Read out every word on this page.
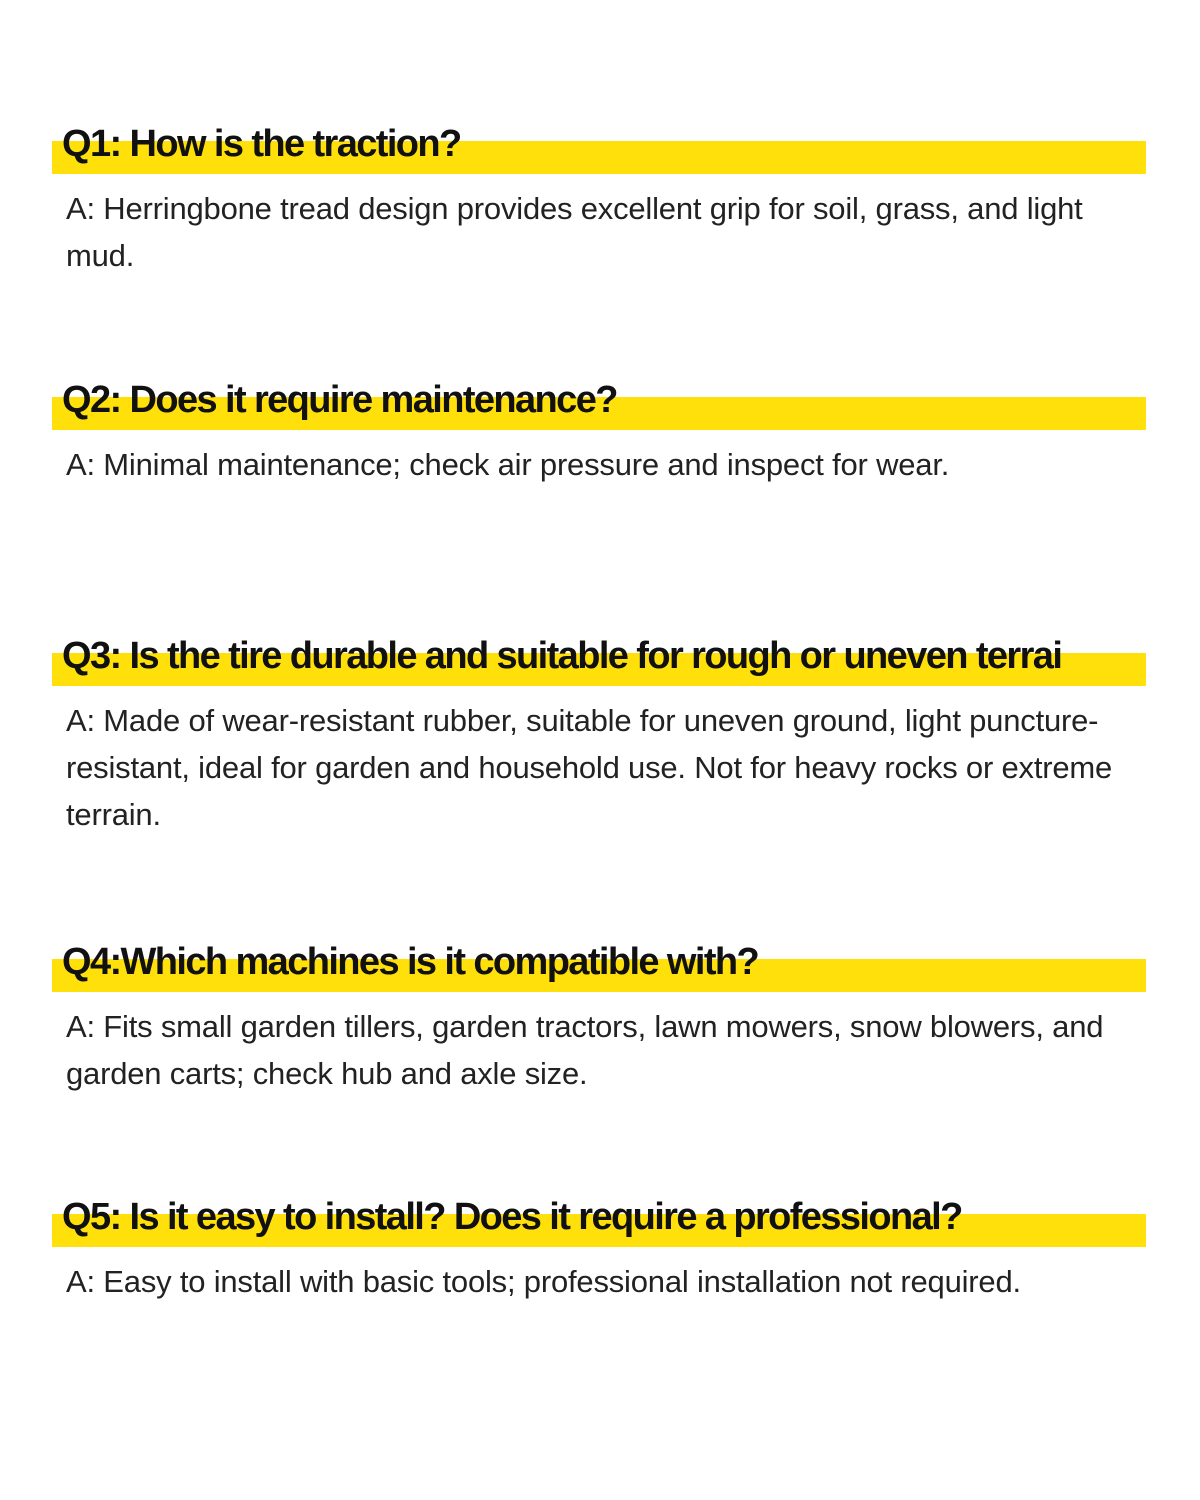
Q1: How is the traction?
A: Herringbone tread design provides excellent grip for soil, grass, and light mud.
Q2: Does it require maintenance?
A: Minimal maintenance; check air pressure and inspect for wear.
Q3: Is the tire durable and suitable for rough or uneven terrai
A: Made of wear-resistant rubber, suitable for uneven ground, light puncture-resistant, ideal for garden and household use. Not for heavy rocks or extreme terrain.
Q4:Which machines is it compatible with?
A: Fits small garden tillers, garden tractors, lawn mowers, snow blowers, and garden carts; check hub and axle size.
Q5: Is it easy to install? Does it require a professional?
A: Easy to install with basic tools; professional installation not required.
